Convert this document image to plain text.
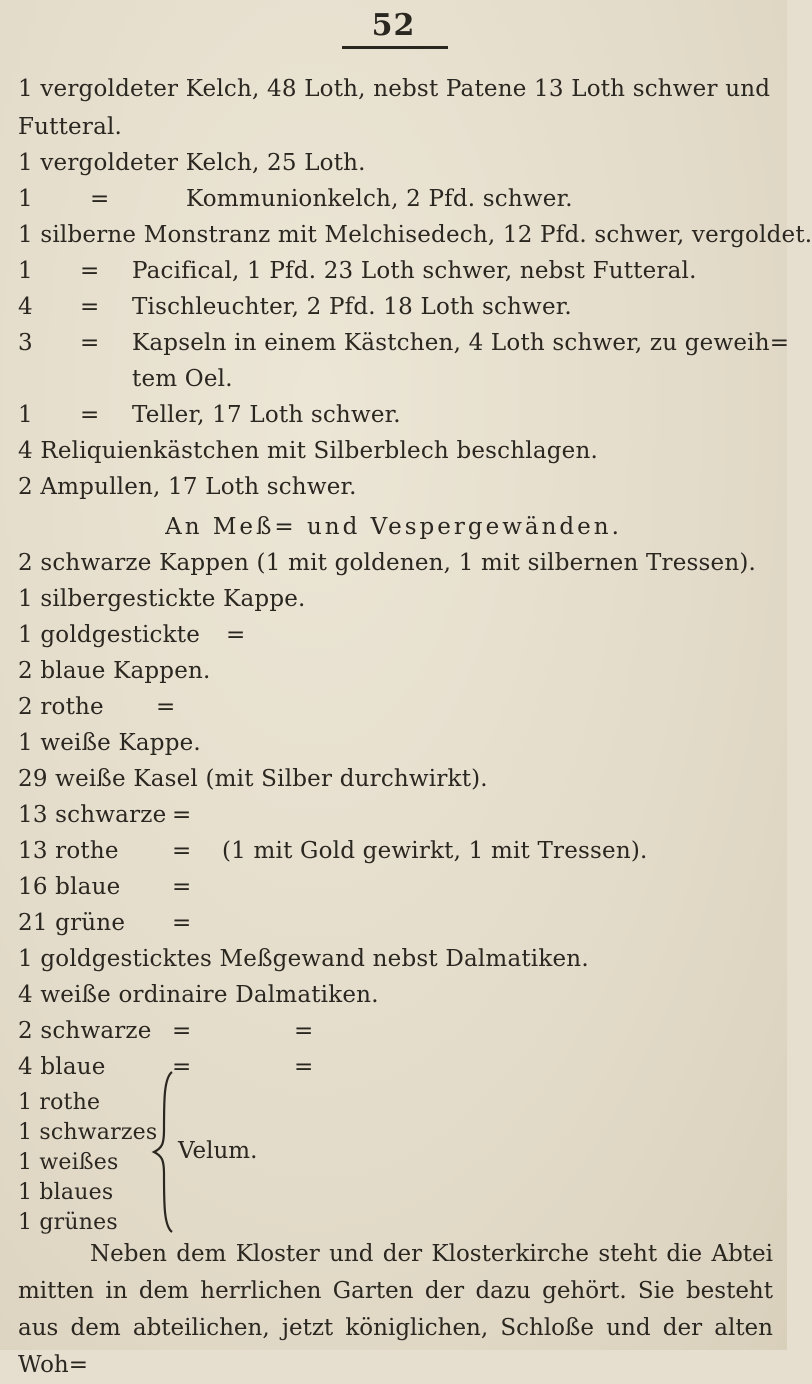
52
1 vergoldeter Kelch, 48 Loth, nebst Patene 13 Loth schwer und
Futteral.
1 vergoldeter Kelch, 25 Loth.
1 =	Kommunionkelch, 2 Pfd. schwer.
1 silberne Monstranz mit Melchisedech, 12 Pfd. schwer, vergoldet.
1 = Pacifical, 1 Pfd. 23 Loth schwer, nebst Futteral.
4 = Tischleuchter, 2 Pfd. 18 Loth schwer.
3 = Kapseln in einem Kästchen, 4 Loth schwer, zu geweih=
tem Oel.
1 = Teller, 17 Loth schwer.
4 Reliquienkästchen mit Silberblech beschlagen.
2 Ampullen, 17 Loth schwer.
An Meß= und Vespergewänden.
2 schwarze Kappen (1 mit goldenen, 1 mit silbernen Tressen).
1 silbergestickte Kappe.
1 goldgestickte =
2 blaue Kappen.
2 rothe =
1 weiße Kappe.
29 weiße Kasel (mit Silber durchwirkt).
13 schwarze =
13 rothe = (1 mit Gold gewirkt, 1 mit Tressen).
16 blaue =
21 grüne =
1 goldgesticktes Meßgewand nebst Dalmatiken.
4 weiße ordinaire Dalmatiken.
2 schwarze =	=
4 blaue	=	=
1 rothe
1 schwarzes
1 weißes
1 blaues
1 grünes
Velum.
Neben dem Kloster und der Klosterkirche steht die Abtei
mitten in dem herrlichen Garten der dazu gehört. Sie besteht
aus dem abteilichen, jetzt königlichen, Schloße und der alten Woh=
